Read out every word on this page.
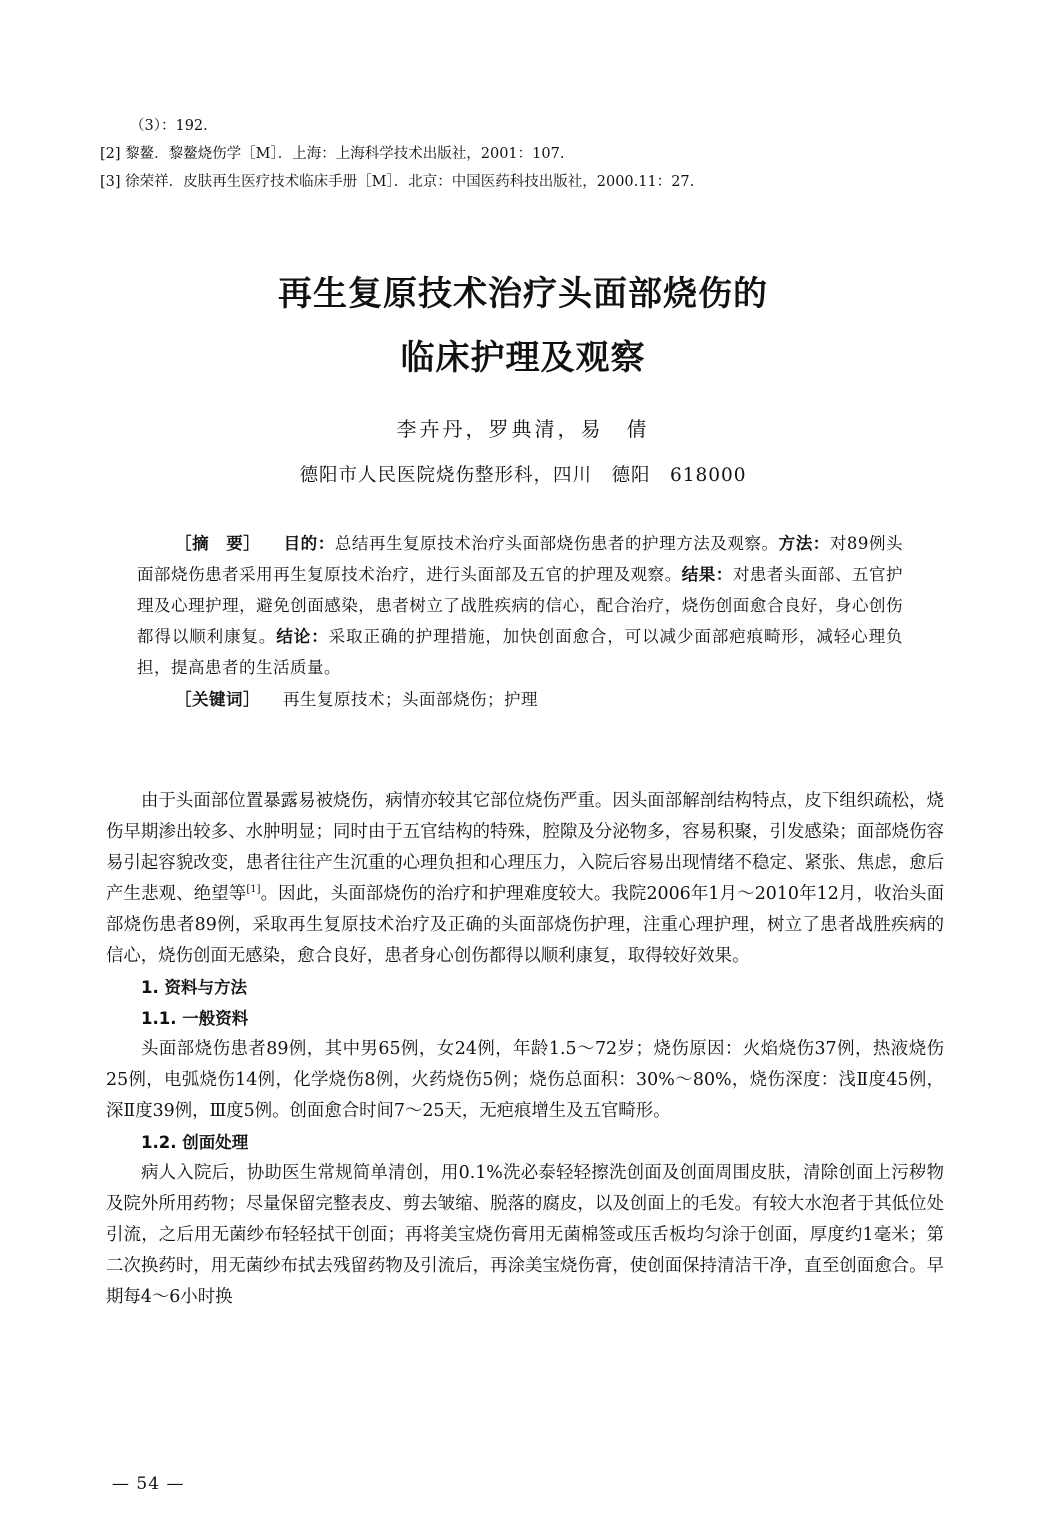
（3）：192.
[2] 黎鳌．黎鳌烧伤学［M］．上海：上海科学技术出版社，2001：107.
[3] 徐荣祥．皮肤再生医疗技术临床手册［M］．北京：中国医药科技出版社，2000.11：27.
再生复原技术治疗头面部烧伤的
临床护理及观察
李卉丹，罗典清，易　倩
德阳市人民医院烧伤整形科，四川　德阳　618000

［摘　要］ 目的：总结再生复原技术治疗头面部烧伤患者的护理方法及观察。方法：对89例头面部烧伤患者采用再生复原技术治疗，进行头面部及五官的护理及观察。结果：对患者头面部、五官护理及心理护理，避免创面感染，患者树立了战胜疾病的信心，配合治疗，烧伤创面愈合良好，身心创伤都得以顺利康复。结论：采取正确的护理措施，加快创面愈合，可以减少面部疤痕畸形，减轻心理负担，提高患者的生活质量。

［关键词］ 再生复原技术；头面部烧伤；护理

由于头面部位置暴露易被烧伤，病情亦较其它部位烧伤严重。因头面部解剖结构特点，皮下组织疏松，烧伤早期渗出较多、水肿明显；同时由于五官结构的特殊，腔隙及分泌物多，容易积聚，引发感染；面部烧伤容易引起容貌改变，患者往往产生沉重的心理负担和心理压力，入院后容易出现情绪不稳定、紧张、焦虑，愈后产生悲观、绝望等[1]。因此，头面部烧伤的治疗和护理难度较大。我院2006年1月～2010年12月，收治头面部烧伤患者89例，采取再生复原技术治疗及正确的头面部烧伤护理，注重心理护理，树立了患者战胜疾病的信心，烧伤创面无感染，愈合良好，患者身心创伤都得以顺利康复，取得较好效果。

1. 资料与方法

1.1. 一般资料

头面部烧伤患者89例，其中男65例，女24例，年龄1.5～72岁；烧伤原因：火焰烧伤37例，热液烧伤25例，电弧烧伤14例，化学烧伤8例，火药烧伤5例；烧伤总面积：30%～80%，烧伤深度：浅Ⅱ度45例，深Ⅱ度39例，Ⅲ度5例。创面愈合时间7～25天，无疤痕增生及五官畸形。

1.2. 创面处理

病人入院后，协助医生常规简单清创，用0.1%洗必泰轻轻擦洗创面及创面周围皮肤，清除创面上污秽物及院外所用药物；尽量保留完整表皮、剪去皱缩、脱落的腐皮，以及创面上的毛发。有较大水泡者于其低位处引流，之后用无菌纱布轻轻拭干创面；再将美宝烧伤膏用无菌棉签或压舌板均匀涂于创面，厚度约1毫米；第二次换药时，用无菌纱布拭去残留药物及引流后，再涂美宝烧伤膏，使创面保持清洁干净，直至创面愈合。早期每4～6小时换

— 54 —
